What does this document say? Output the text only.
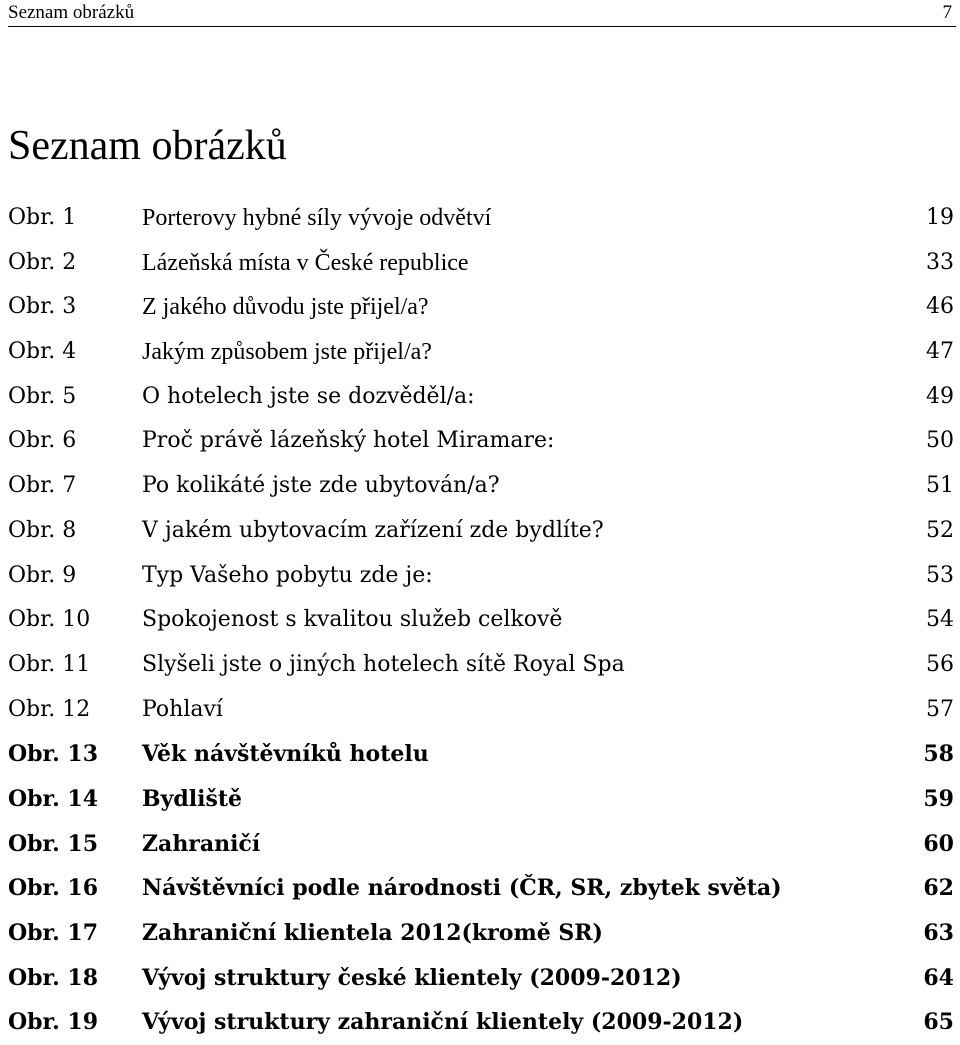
Seznam obrázků	7
Seznam obrázků
Obr. 1	Porterovy hybné síly vývoje odvětví	19
Obr. 2	Lázeňská místa v České republice	33
Obr. 3	Z jakého důvodu jste přijel/a?	46
Obr. 4	Jakým způsobem jste přijel/a?	47
Obr. 5	O hotelech jste se dozvěděl/a:	49
Obr. 6	Proč právě lázeňský hotel Miramare:	50
Obr. 7	Po kolikáté jste zde ubytován/a?	51
Obr. 8	V jakém ubytovacím zařízení zde bydlíte?	52
Obr. 9	Typ Vašeho pobytu zde je:	53
Obr. 10 Spokojenost s kvalitou služeb celkově	54
Obr. 11 Slyšeli jste o jiných hotelech sítě Royal Spa	56
Obr. 12 Pohlaví	57
Obr. 13 Věk návštěvníků hotelu	58
Obr. 14 Bydliště	59
Obr. 15 Zahraničí	60
Obr. 16 Návštěvníci podle národnosti (ČR, SR, zbytek světa)	62
Obr. 17 Zahraniční klientela 2012(kromě SR)	63
Obr. 18 Vývoj struktury české klientely (2009-2012)	64
Obr. 19 Vývoj struktury zahraniční klientely (2009-2012)	65
